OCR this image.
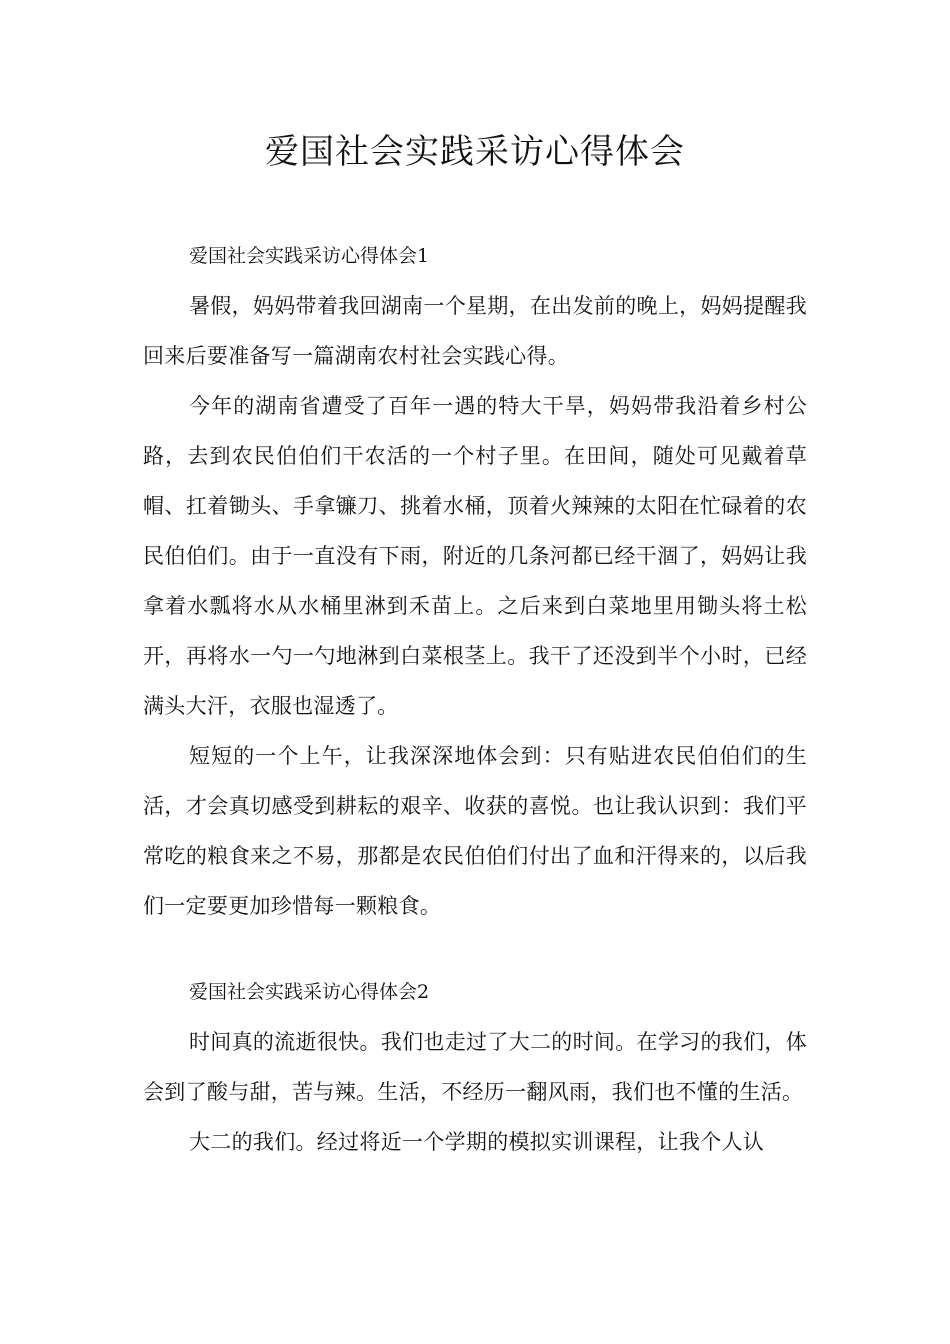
爱国社会实践采访心得体会
爱国社会实践采访心得体会1

暑假，妈妈带着我回湖南一个星期，在出发前的晚上，妈妈提醒我回来后要准备写一篇湖南农村社会实践心得。

今年的湖南省遭受了百年一遇的特大干旱，妈妈带我沿着乡村公路，去到农民伯伯们干农活的一个村子里。在田间，随处可见戴着草帽、扛着锄头、手拿镰刀、挑着水桶，顶着火辣辣的太阳在忙碌着的农民伯伯们。由于一直没有下雨，附近的几条河都已经干涸了，妈妈让我拿着水瓢将水从水桶里淋到禾苗上。之后来到白菜地里用锄头将土松开，再将水一勺一勺地淋到白菜根茎上。我干了还没到半个小时，已经满头大汗，衣服也湿透了。

短短的一个上午，让我深深地体会到：只有贴进农民伯伯们的生活，才会真切感受到耕耘的艰辛、收获的喜悦。也让我认识到：我们平常吃的粮食来之不易，那都是农民伯伯们付出了血和汗得来的，以后我们一定要更加珍惜每一颗粮食。

爱国社会实践采访心得体会2

时间真的流逝很快。我们也走过了大二的时间。在学习的我们，体会到了酸与甜，苦与辣。生活，不经历一翻风雨，我们也不懂的生活。

大二的我们。经过将近一个学期的模拟实训课程，让我个人认
